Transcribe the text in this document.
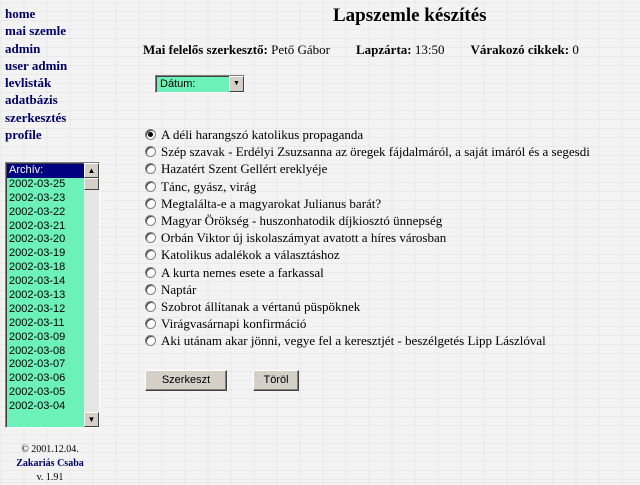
home
mai szemle
admin
user admin
levlisták
adatbázis
szerkesztés
profile
Archív:
2002-03-25
2002-03-23
2002-03-22
2002-03-21
2002-03-20
2002-03-19
2002-03-18
2002-03-14
2002-03-13
2002-03-12
2002-03-11
2002-03-09
2002-03-08
2002-03-07
2002-03-06
2002-03-05
2002-03-04
▲
▼
© 2001.12.04.
Zakariás Csaba
v. 1.91
Lapszemle készítés
Mai felelős szerkesztő: Pető Gábor Lapzárta: 13:50 Várakozó cikkek: 0
Dátum:	▼
A déli harangszó katolikus propaganda
Szép szavak - Erdélyi Zsuzsanna az öregek fájdalmáról, a saját imáról és a segesdi
Hazatért Szent Gellért ereklyéje
Tánc, gyász, virág
Megtalálta-e a magyarokat Julianus barát?
Magyar Örökség - huszonhatodik díjkiosztó ünnepség
Orbán Viktor új iskolaszámyat avatott a híres városban
Katolikus adalékok a választáshoz
A kurta nemes esete a farkassal
Naptár
Szobrot állítanak a vértanú püspöknek
Virágvasárnapi konfirmáció
Aki utánam akar jönni, vegye fel a keresztjét - beszélgetés Lipp Lászlóval
Szerkeszt	Töröl
